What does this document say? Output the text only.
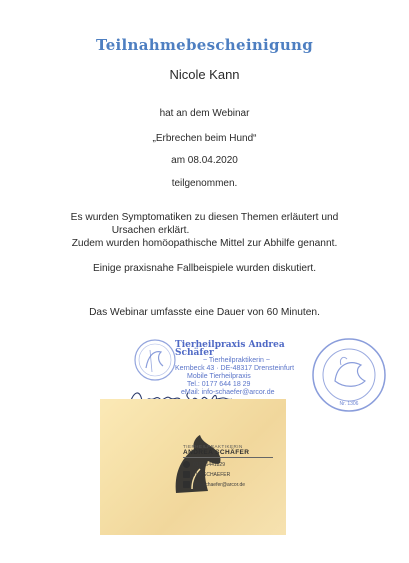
Teilnahmebescheinigung
Nicole Kann
hat an dem Webinar
„Erbrechen beim Hund“
am 08.04.2020
teilgenommen.
Es wurden Symptomatiken zu diesen Themen erläutert und
Ursachen erklärt.
Zudem wurden homöopathische Mittel zur Abhilfe genannt.
Einige praxisnahe Fallbeispiele wurden diskutiert.
Das Webinar umfasste eine Dauer von 60 Minuten.
Tierheilpraxis Andrea Schäfer
~ Tierheilpraktikerin ~
Kernbeck 43 · DE-48317 Drensteinfurt
Mobile Tierheilpraxis
Tel.: 0177 644 18 29
eMail: info-schaefer@arcor.de
Nr. 1306
TIERHEILPRAKTIKERIN
ANDREA SCHÄFER
0177 6441829
THPSCHAEFER
info-schaefer@arcor.de
